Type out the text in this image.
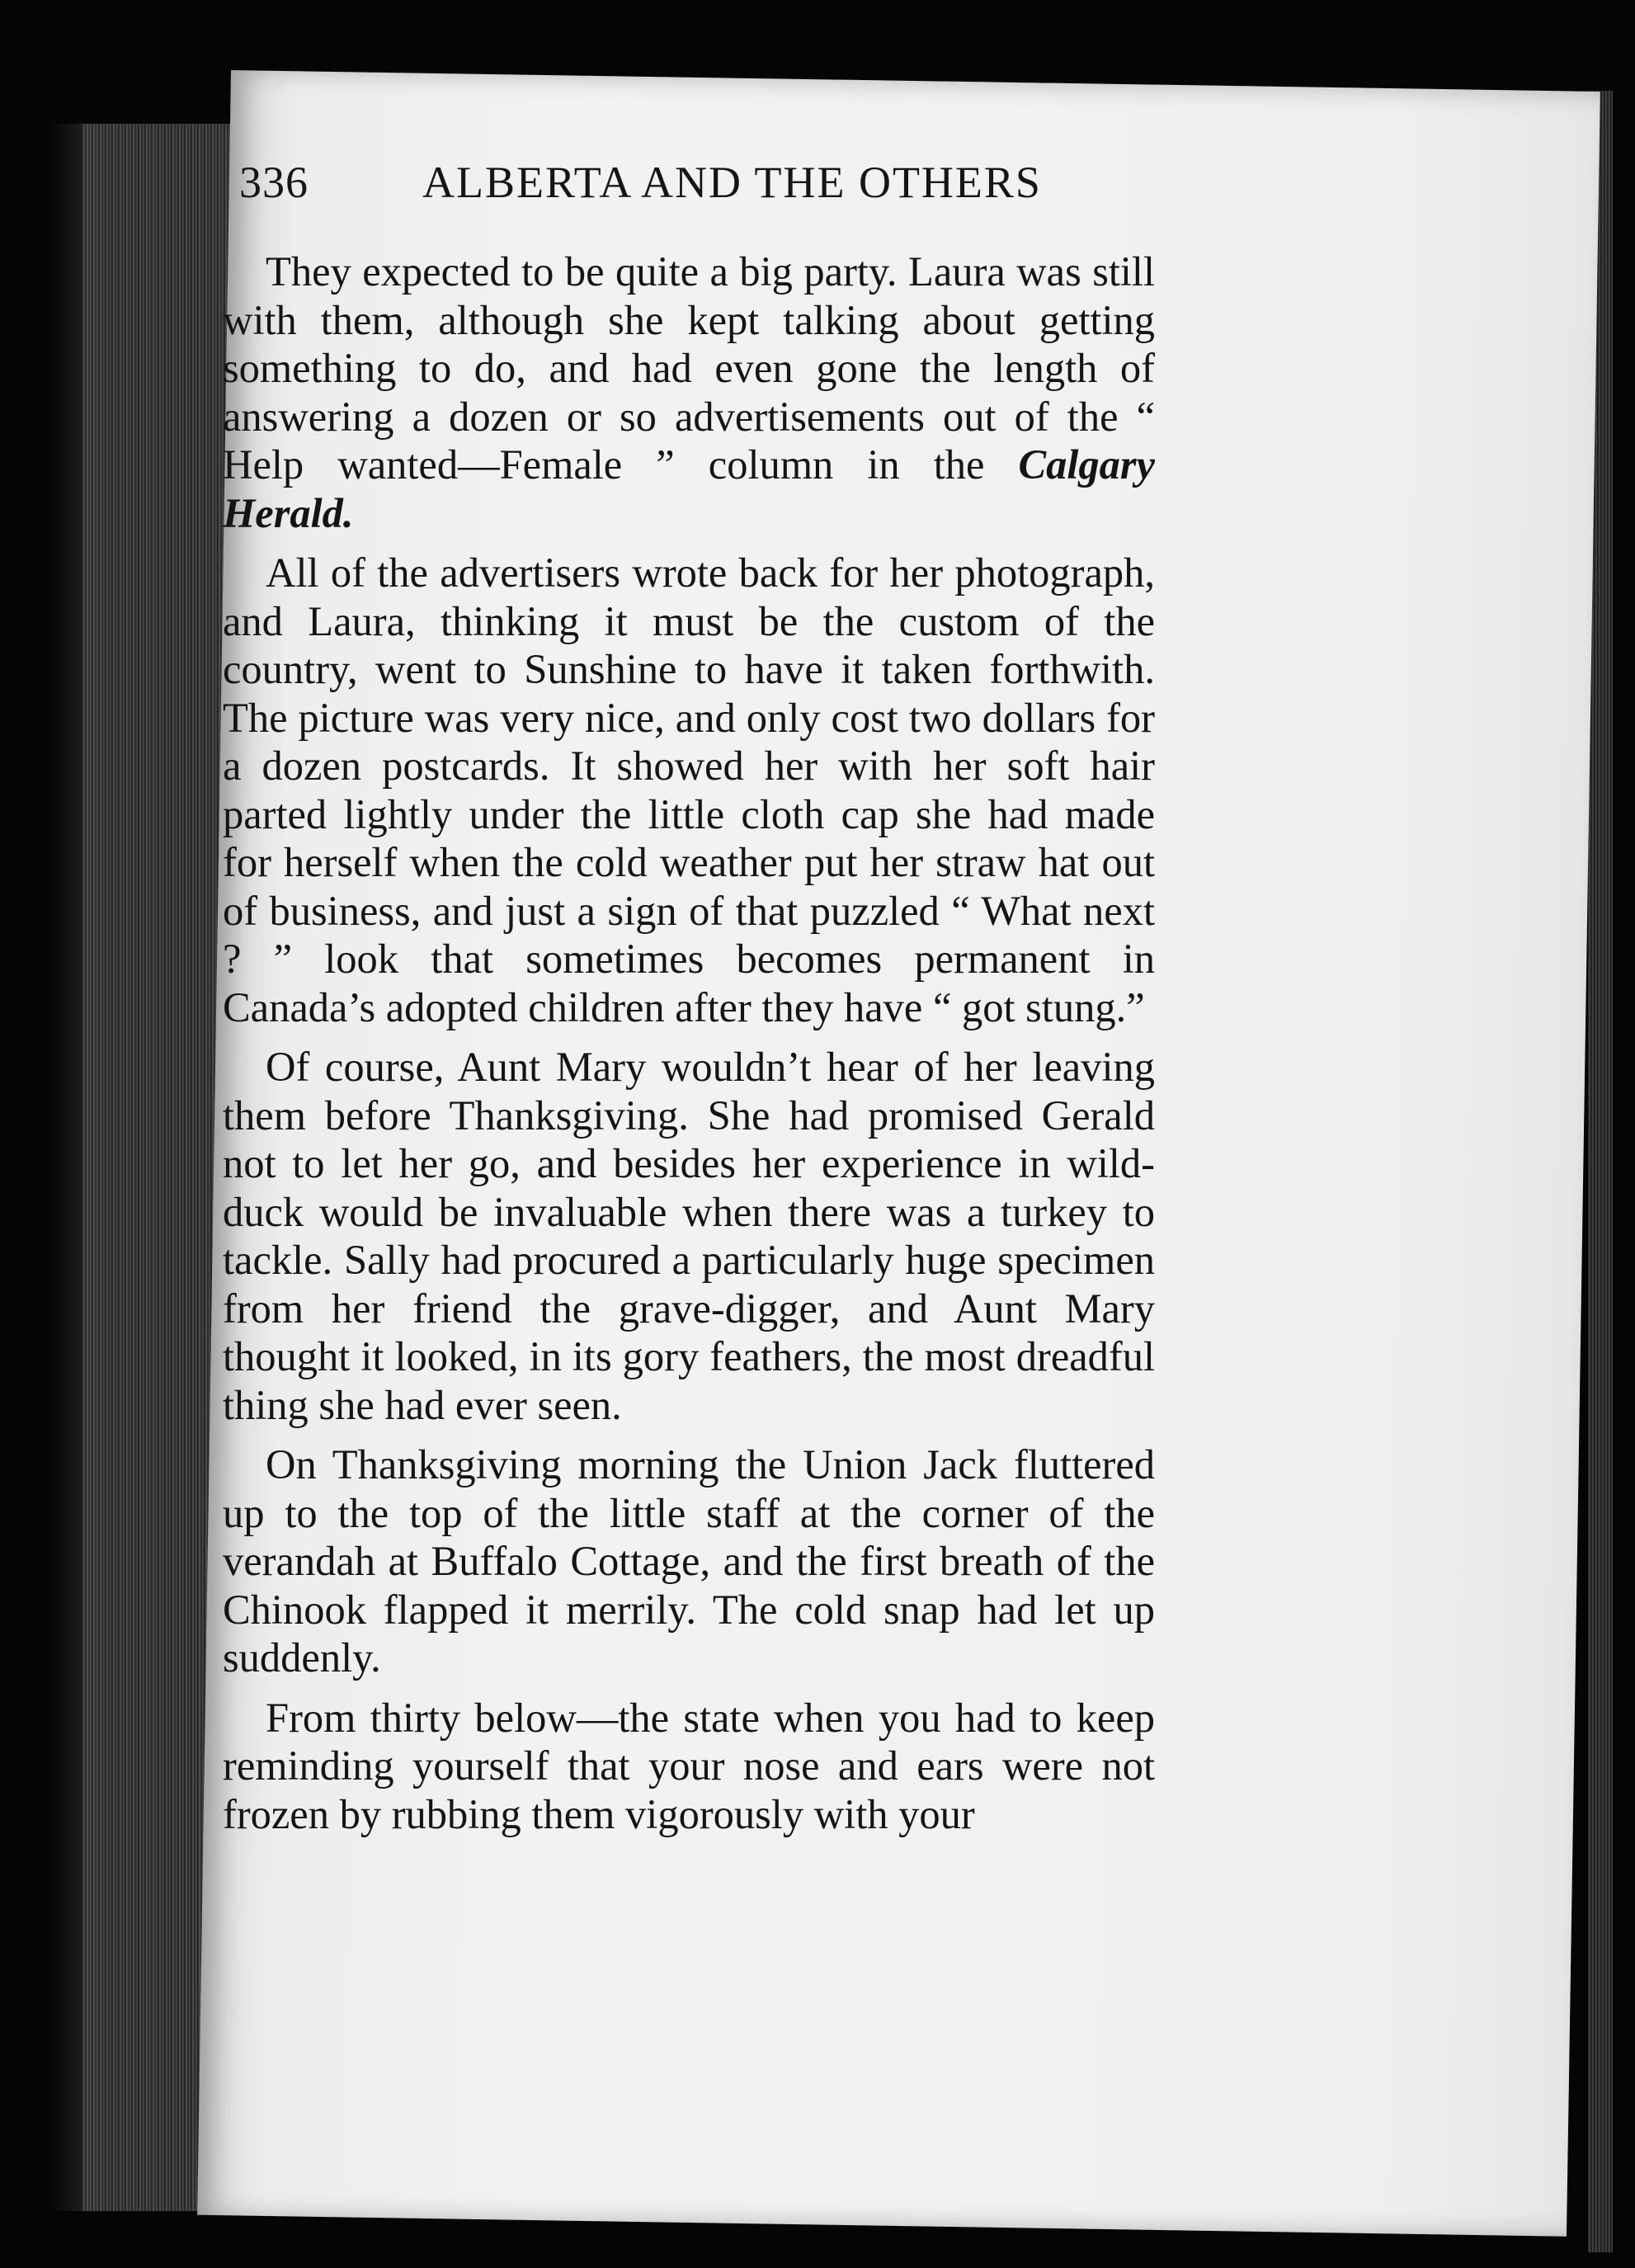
336	ALBERTA AND THE OTHERS

They expected to be quite a big party. Laura was still with them, although she kept talking about getting something to do, and had even gone the length of answering a dozen or so advertisements out of the “ Help wanted—Female ” column in the Calgary Herald.

All of the advertisers wrote back for her photograph, and Laura, thinking it must be the custom of the country, went to Sunshine to have it taken forthwith. The picture was very nice, and only cost two dollars for a dozen postcards. It showed her with her soft hair parted lightly under the little cloth cap she had made for herself when the cold weather put her straw hat out of business, and just a sign of that puzzled “ What next ? ” look that sometimes becomes permanent in Canada’s adopted children after they have “ got stung.”

Of course, Aunt Mary wouldn’t hear of her leaving them before Thanksgiving. She had promised Gerald not to let her go, and besides her experience in wild-duck would be invaluable when there was a turkey to tackle. Sally had procured a particularly huge specimen from her friend the grave-digger, and Aunt Mary thought it looked, in its gory feathers, the most dreadful thing she had ever seen.

On Thanksgiving morning the Union Jack fluttered up to the top of the little staff at the corner of the verandah at Buffalo Cottage, and the first breath of the Chinook flapped it merrily. The cold snap had let up suddenly.

From thirty below—the state when you had to keep reminding yourself that your nose and ears were not frozen by rubbing them vigorously with your
